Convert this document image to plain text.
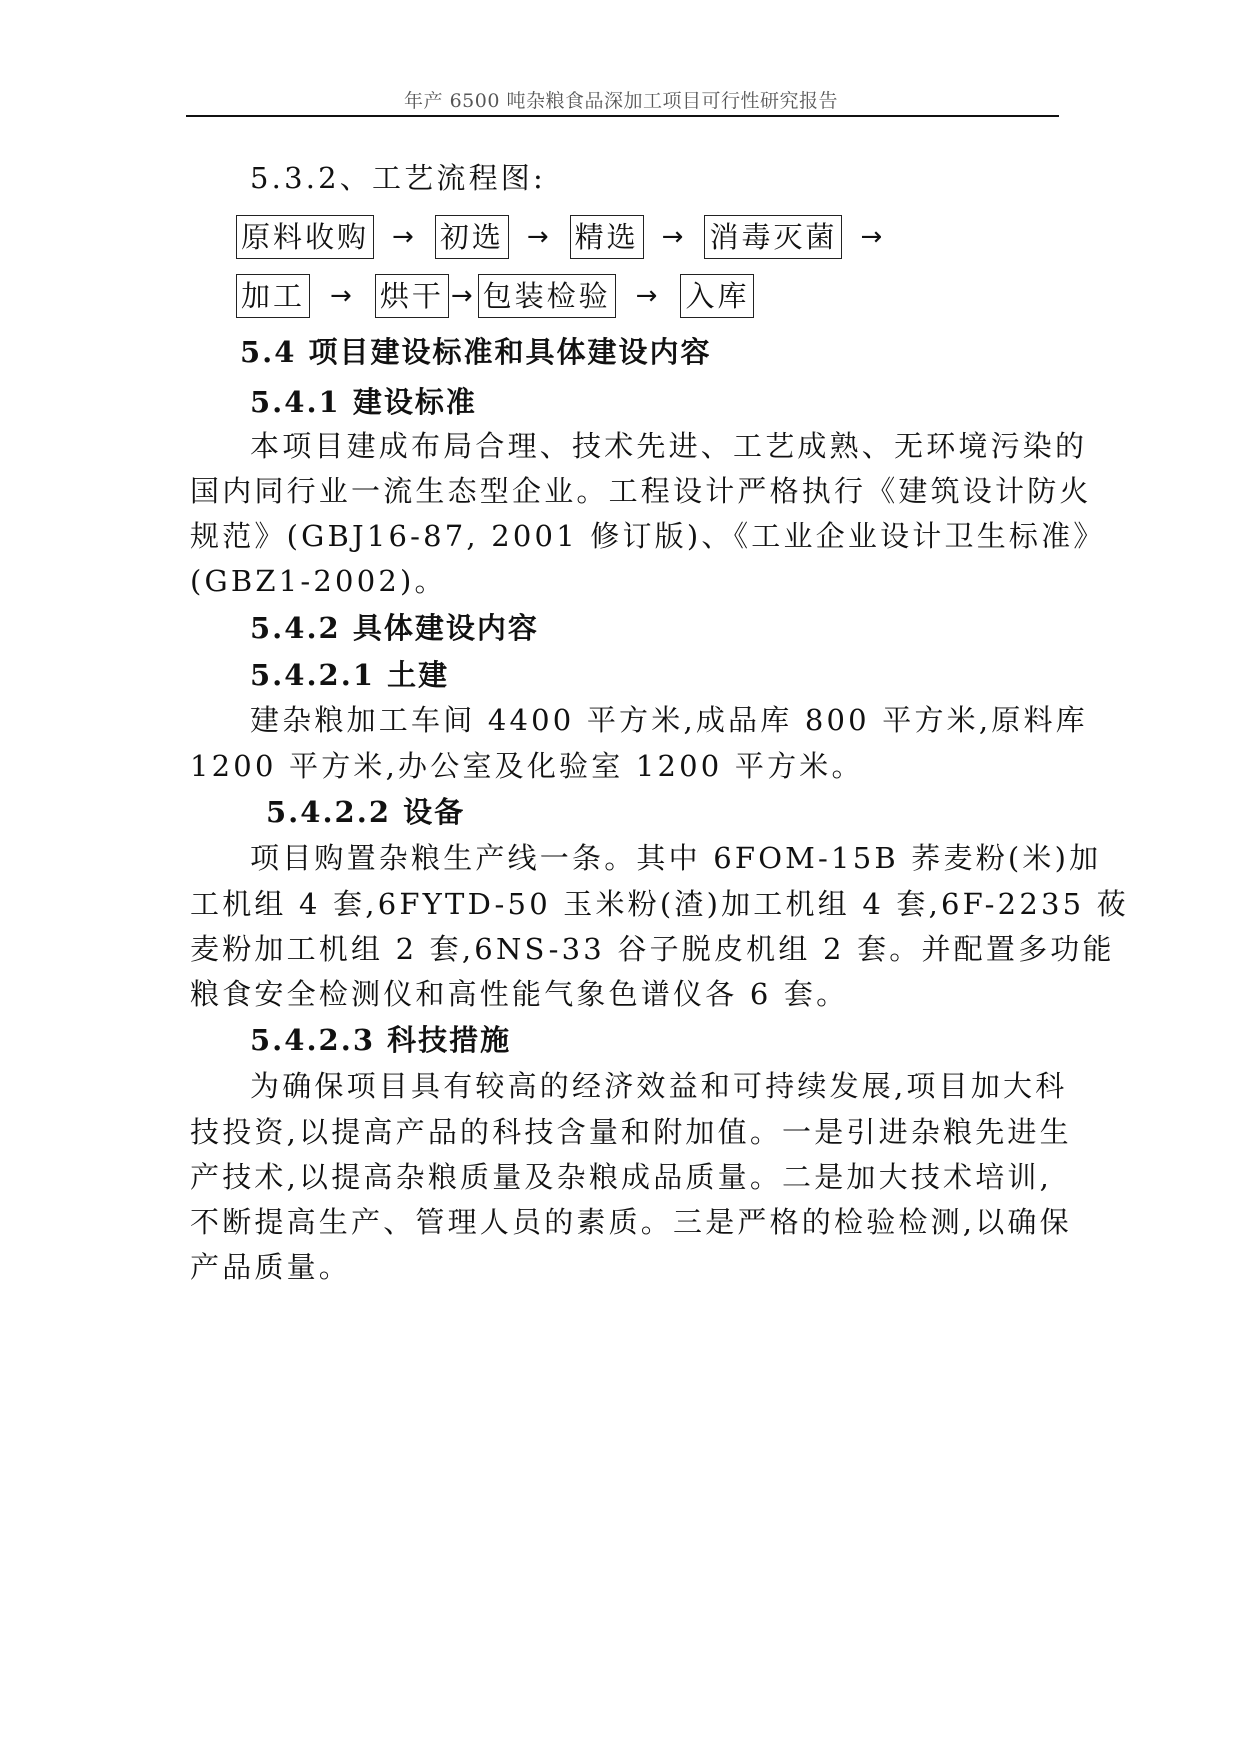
年产 6500 吨杂粮食品深加工项目可行性研究报告
5.3.2、工艺流程图:
原料收购 → 初选 → 精选 → 消毒灭菌 →
加工 → 烘干 → 包装检验 → 入库
5.4 项目建设标准和具体建设内容
5.4.1 建设标准
本项目建成布局合理、技术先进、工艺成熟、无环境污染的
国内同行业一流生态型企业。工程设计严格执行《建筑设计防火
规范》(GBJ16-87, 2001 修订版)、《工业企业设计卫生标准》
(GBZ1-2002)。
5.4.2 具体建设内容
5.4.2.1 土建
建杂粮加工车间 4400 平方米,成品库 800 平方米,原料库
1200 平方米,办公室及化验室 1200 平方米。
5.4.2.2 设备
项目购置杂粮生产线一条。其中 6FOM-15B 荞麦粉(米)加
工机组 4 套,6FYTD-50 玉米粉(渣)加工机组 4 套,6F-2235 莜
麦粉加工机组 2 套,6NS-33 谷子脱皮机组 2 套。并配置多功能
粮食安全检测仪和高性能气象色谱仪各 6 套。
5.4.2.3 科技措施
为确保项目具有较高的经济效益和可持续发展,项目加大科
技投资,以提高产品的科技含量和附加值。一是引进杂粮先进生
产技术,以提高杂粮质量及杂粮成品质量。二是加大技术培训,
不断提高生产、管理人员的素质。三是严格的检验检测,以确保
产品质量。
